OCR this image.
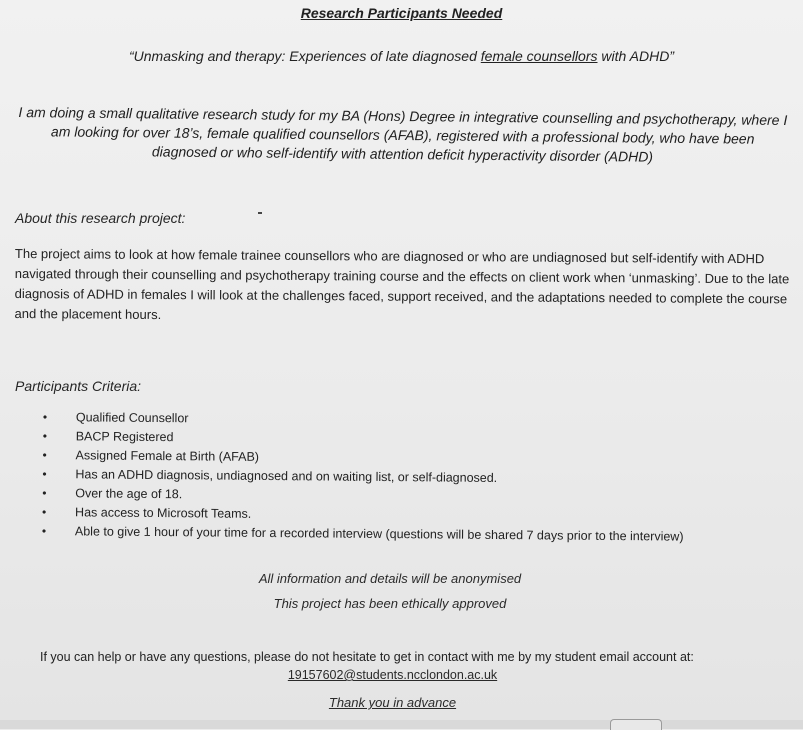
Research Participants Needed
“Unmasking and therapy: Experiences of late diagnosed female counsellors with ADHD”
I am doing a small qualitative research study for my BA (Hons) Degree in integrative counselling and psychotherapy, where I am looking for over 18’s, female qualified counsellors (AFAB), registered with a professional body, who have been diagnosed or who self-identify with attention deficit hyperactivity disorder (ADHD)
About this research project:
The project aims to look at how female trainee counsellors who are diagnosed or who are undiagnosed but self-identify with ADHD navigated through their counselling and psychotherapy training course and the effects on client work when ‘unmasking’. Due to the late diagnosis of ADHD in females I will look at the challenges faced, support received, and the adaptations needed to complete the course and the placement hours.
Participants Criteria:
• Qualified Counsellor
• BACP Registered
• Assigned Female at Birth (AFAB)
• Has an ADHD diagnosis, undiagnosed and on waiting list, or self-diagnosed.
• Over the age of 18.
• Has access to Microsoft Teams.
• Able to give 1 hour of your time for a recorded interview (questions will be shared 7 days prior to the interview)
All information and details will be anonymised
This project has been ethically approved
If you can help or have any questions, please do not hesitate to get in contact with me by my student email account at:
19157602@students.ncclondon.ac.uk
Thank you in advance
